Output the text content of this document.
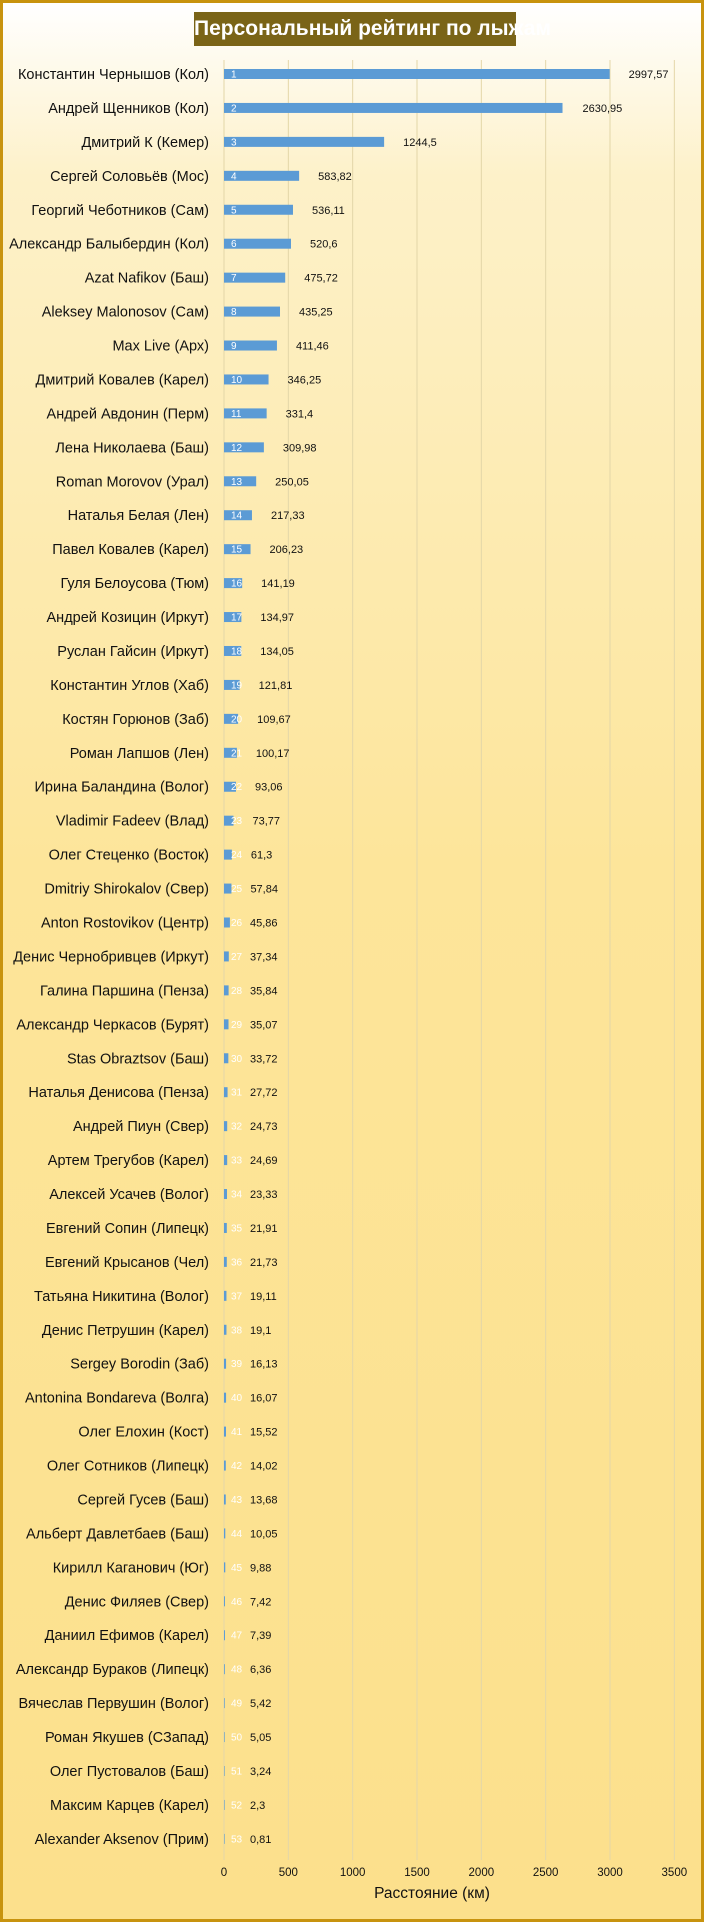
0	500	1000	1500	2000	2500	3000	3500
Константин Чернышов (Кол) 1	2997,57
Андрей Щенников (Кол) 2	2630,95
Дмитрий К (Кемер) 3	1244,5
Сергей Соловьёв (Мос) 4	583,82
Георгий Чеботников (Сам) 5	536,11
Александр Балыбердин (Кол) 6	520,6
Azat Nafikov (Баш) 7	475,72
Aleksey Malonosov (Сам) 8	435,25
Max Live (Арх) 9	411,46
Дмитрий Ковалев (Карел) 10	346,25
Андрей Авдонин (Перм) 11	331,4
Лена Николаева (Баш) 12	309,98
Roman Morovov (Урал) 13	250,05
Наталья Белая (Лен) 14	217,33
Павел Ковалев (Карел) 15 206,23
Гуля Белоусова (Тюм) 16 141,19
Андрей Козицин (Иркут) 17 134,97
Руслан Гайсин (Иркут) 18 134,05
Константин Углов (Хаб) 19 121,81
Костян Горюнов (Заб) 20 109,67
Роман Лапшов (Лен) 21 100,17
Ирина Баландина (Волог) 22 93,06
Vladimir Fadeev (Влад) 23 73,77
Олег Стеценко (Восток) 24 61,3
Dmitriy Shirokalov (Свер) 25 57,84
Anton Rostovikov (Центр) 26 45,86
Денис Чернобривцев (Иркут) 27 37,34
Галина Паршина (Пенза) 28 35,84
Александр Черкасов (Бурят) 29 35,07
Stas Obraztsov (Баш) 30 33,72
Наталья Денисова (Пенза) 31 27,72
Андрей Пиун (Свер) 32 24,73
Артем Трегубов (Карел) 33 24,69
Алексей Усачев (Волог) 34 23,33
Евгений Сопин (Липецк) 35 21,91
Евгений Крысанов (Чел) 36 21,73
Татьяна Никитина (Волог) 37 19,11
Денис Петрушин (Карел) 38 19,1
Sergey Borodin (Заб) 39 16,13
Antonina Bondareva (Волга) 40 16,07
Олег Елохин (Кост) 41 15,52
Олег Сотников (Липецк) 42 14,02
Сергей Гусев (Баш) 43 13,68
Альберт Давлетбаев (Баш) 44 10,05
Кирилл Каганович (Юг) 45 9,88
Денис Филяев (Свер) 46 7,42
Даниил Ефимов (Карел) 47 7,39
Александр Бураков (Липецк) 48 6,36
Вячеслав Первушин (Волог) 49 5,42
Роман Якушев (СЗапад) 50 5,05
Олег Пустовалов (Баш) 51 3,24
Максим Карцев (Карел) 52 2,3
Alexander Aksenov (Прим) 53 0,81
Расстояние (км)
Персональный рейтинг по лыжам
